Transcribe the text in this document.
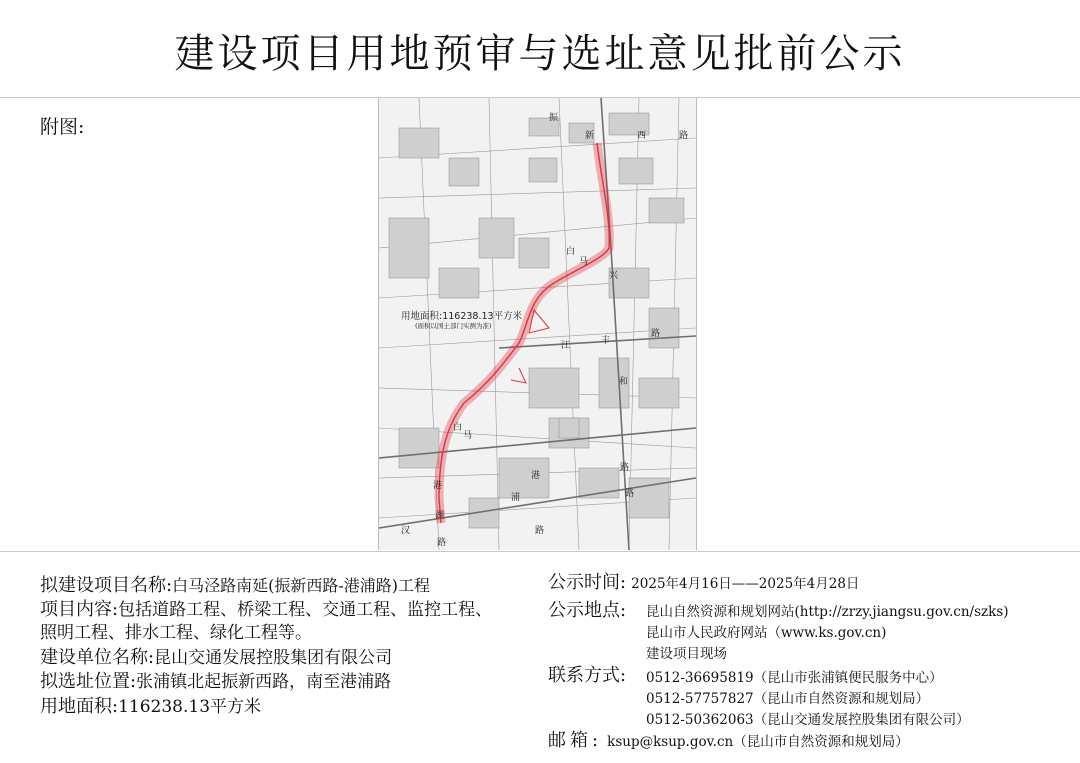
建设项目用地预审与选址意见批前公示
附图:
用地面积:116238.13平方米
(面积以国土部门实测为准)
振
新	西	路
白
马
兴
路
江	丰
和
白
马
港
浦
路
路
港
湖
汉
路
路
拟建设项目名称:白马泾路南延(振新西路-港浦路)工程
项目内容:包括道路工程、桥梁工程、交通工程、监控工程、
照明工程、排水工程、绿化工程等。
建设单位名称:昆山交通发展控股集团有限公司
拟选址位置:张浦镇北起振新西路，南至港浦路
用地面积:116238.13平方米
公示时间: 2025年4月16日——2025年4月28日
公示地点: 昆山自然资源和规划网站(http://zrzy.jiangsu.gov.cn/szks)
昆山市人民政府网站（www.ks.gov.cn)
建设项目现场
联系方式: 0512-36695819（昆山市张浦镇便民服务中心）
0512-57757827（昆山市自然资源和规划局）
0512-50362063（昆山交通发展控股集团有限公司）
邮箱: ksup@ksup.gov.cn（昆山市自然资源和规划局）
